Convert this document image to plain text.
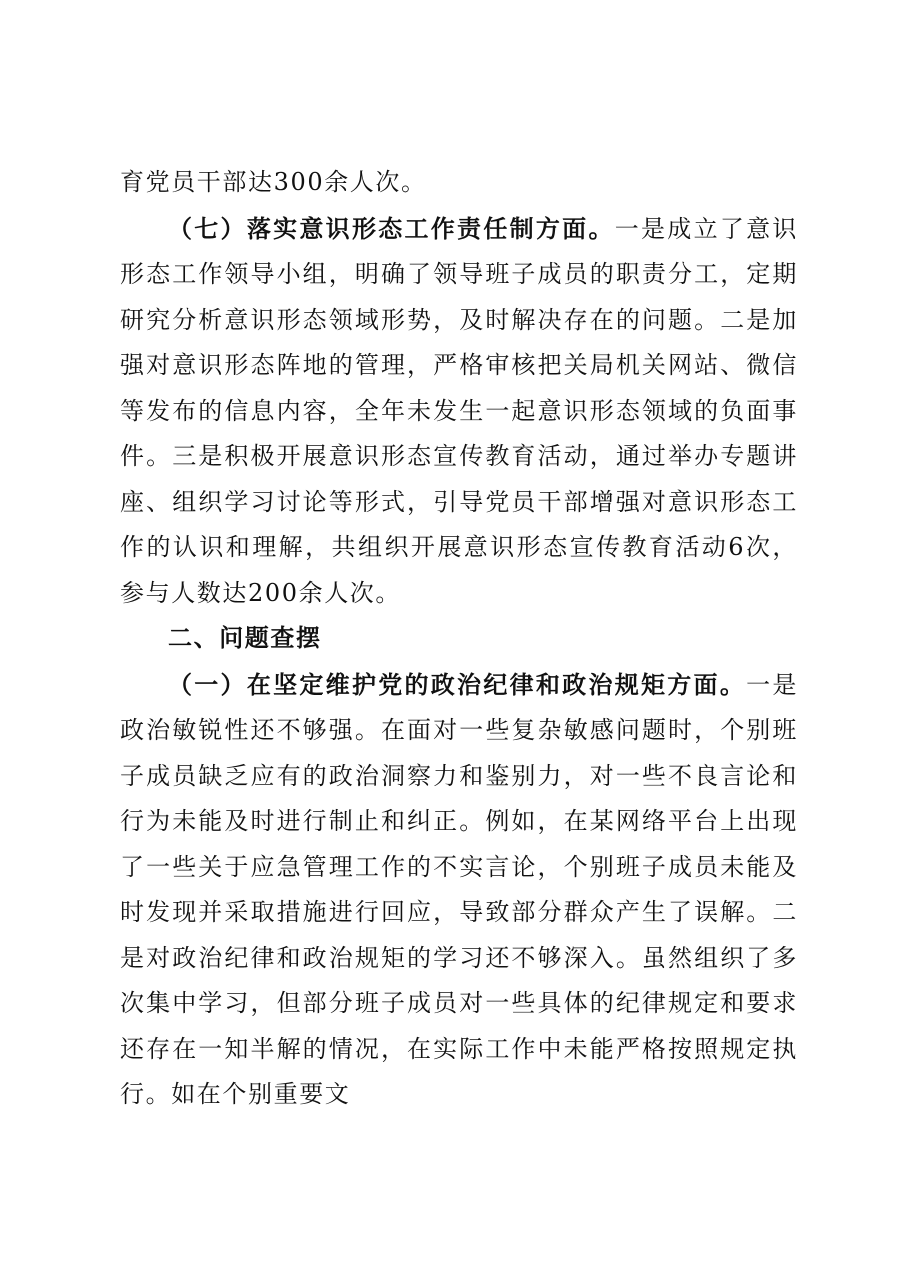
育党员干部达300余人次。

（七）落实意识形态工作责任制方面。一是成立了意识形态工作领导小组，明确了领导班子成员的职责分工，定期研究分析意识形态领域形势，及时解决存在的问题。二是加强对意识形态阵地的管理，严格审核把关局机关网站、微信等发布的信息内容，全年未发生一起意识形态领域的负面事件。三是积极开展意识形态宣传教育活动，通过举办专题讲座、组织学习讨论等形式，引导党员干部增强对意识形态工作的认识和理解，共组织开展意识形态宣传教育活动6次，参与人数达200余人次。

二、问题查摆

（一）在坚定维护党的政治纪律和政治规矩方面。一是政治敏锐性还不够强。在面对一些复杂敏感问题时，个别班子成员缺乏应有的政治洞察力和鉴别力，对一些不良言论和行为未能及时进行制止和纠正。例如，在某网络平台上出现了一些关于应急管理工作的不实言论，个别班子成员未能及时发现并采取措施进行回应，导致部分群众产生了误解。二是对政治纪律和政治规矩的学习还不够深入。虽然组织了多次集中学习，但部分班子成员对一些具体的纪律规定和要求还存在一知半解的情况，在实际工作中未能严格按照规定执行。如在个别重要文
